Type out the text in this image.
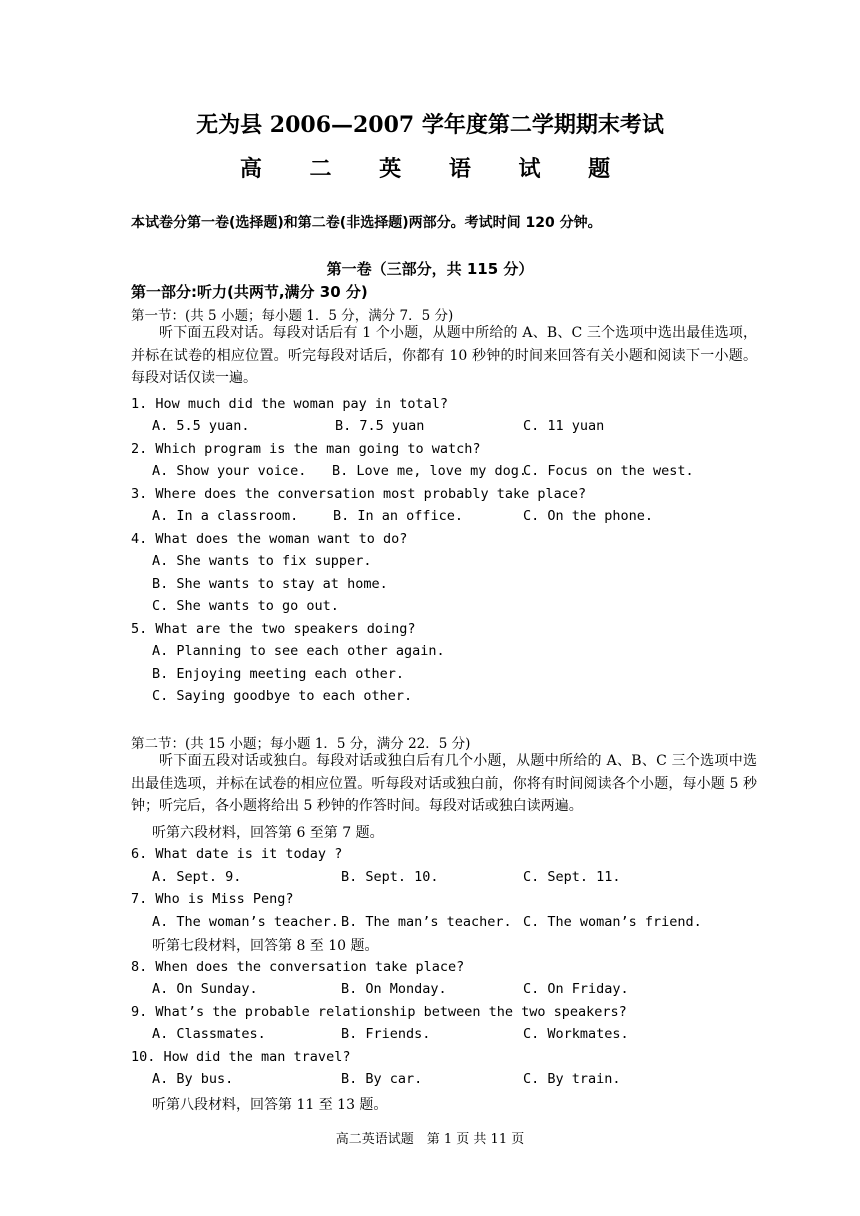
无为县 2006—2007 学年度第二学期期末考试
高 二 英 语 试 题
本试卷分第一卷(选择题)和第二卷(非选择题)两部分。考试时间 120 分钟。
第一卷（三部分，共 115 分）
第一部分:听力(共两节,满分 30 分)
第一节：(共 5 小题；每小题 1．5 分，满分 7．5 分)
听下面五段对话。每段对话后有 1 个小题，从题中所给的 A、B、C 三个选项中选出最佳选项，并标在试卷的相应位置。听完每段对话后，你都有 10 秒钟的时间来回答有关小题和阅读下一小题。每段对话仅读一遍。
1. How much did the woman pay in total?
A. 5.5 yuan.	B. 7.5 yuan	C. 11 yuan
2. Which program is the man going to watch?
A. Show your voice. B. Love me, love my dog.
C. Focus on the west.
3. Where does the conversation most probably take place?
A. In a classroom.	B. In an office.	C. On the phone.
4. What does the woman want to do?
A. She wants to fix supper.
B. She wants to stay at home.
C. She wants to go out.
5. What are the two speakers doing?
A. Planning to see each other again.
B. Enjoying meeting each other.
C. Saying goodbye to each other.
第二节：(共 15 小题；每小题 1．5 分，满分 22．5 分)
听下面五段对话或独白。每段对话或独白后有几个小题，从题中所给的 A、B、C 三个选项中选出最佳选项，并标在试卷的相应位置。听每段对话或独白前，你将有时间阅读各个小题，每小题 5 秒钟；听完后，各小题将给出 5 秒钟的作答时间。每段对话或独白读两遍。
听第六段材料，回答第 6 至第 7 题。
6. What date is it today ?
A. Sept. 9.	B. Sept. 10.	C. Sept. 11.
7. Who is Miss Peng?
A. The woman’s teacher. B. The man’s teacher. C. The woman’s friend.
听第七段材料，回答第 8 至 10 题。
8. When does the conversation take place?
A. On Sunday.	B. On Monday.	C. On Friday.
9. What’s the probable relationship between the two speakers?
A. Classmates.	B. Friends.	C. Workmates.
10. How did the man travel?
A. By bus.	B. By car.	C. By train.
听第八段材料，回答第 11 至 13 题。
高二英语试题　第 1 页 共 11 页
